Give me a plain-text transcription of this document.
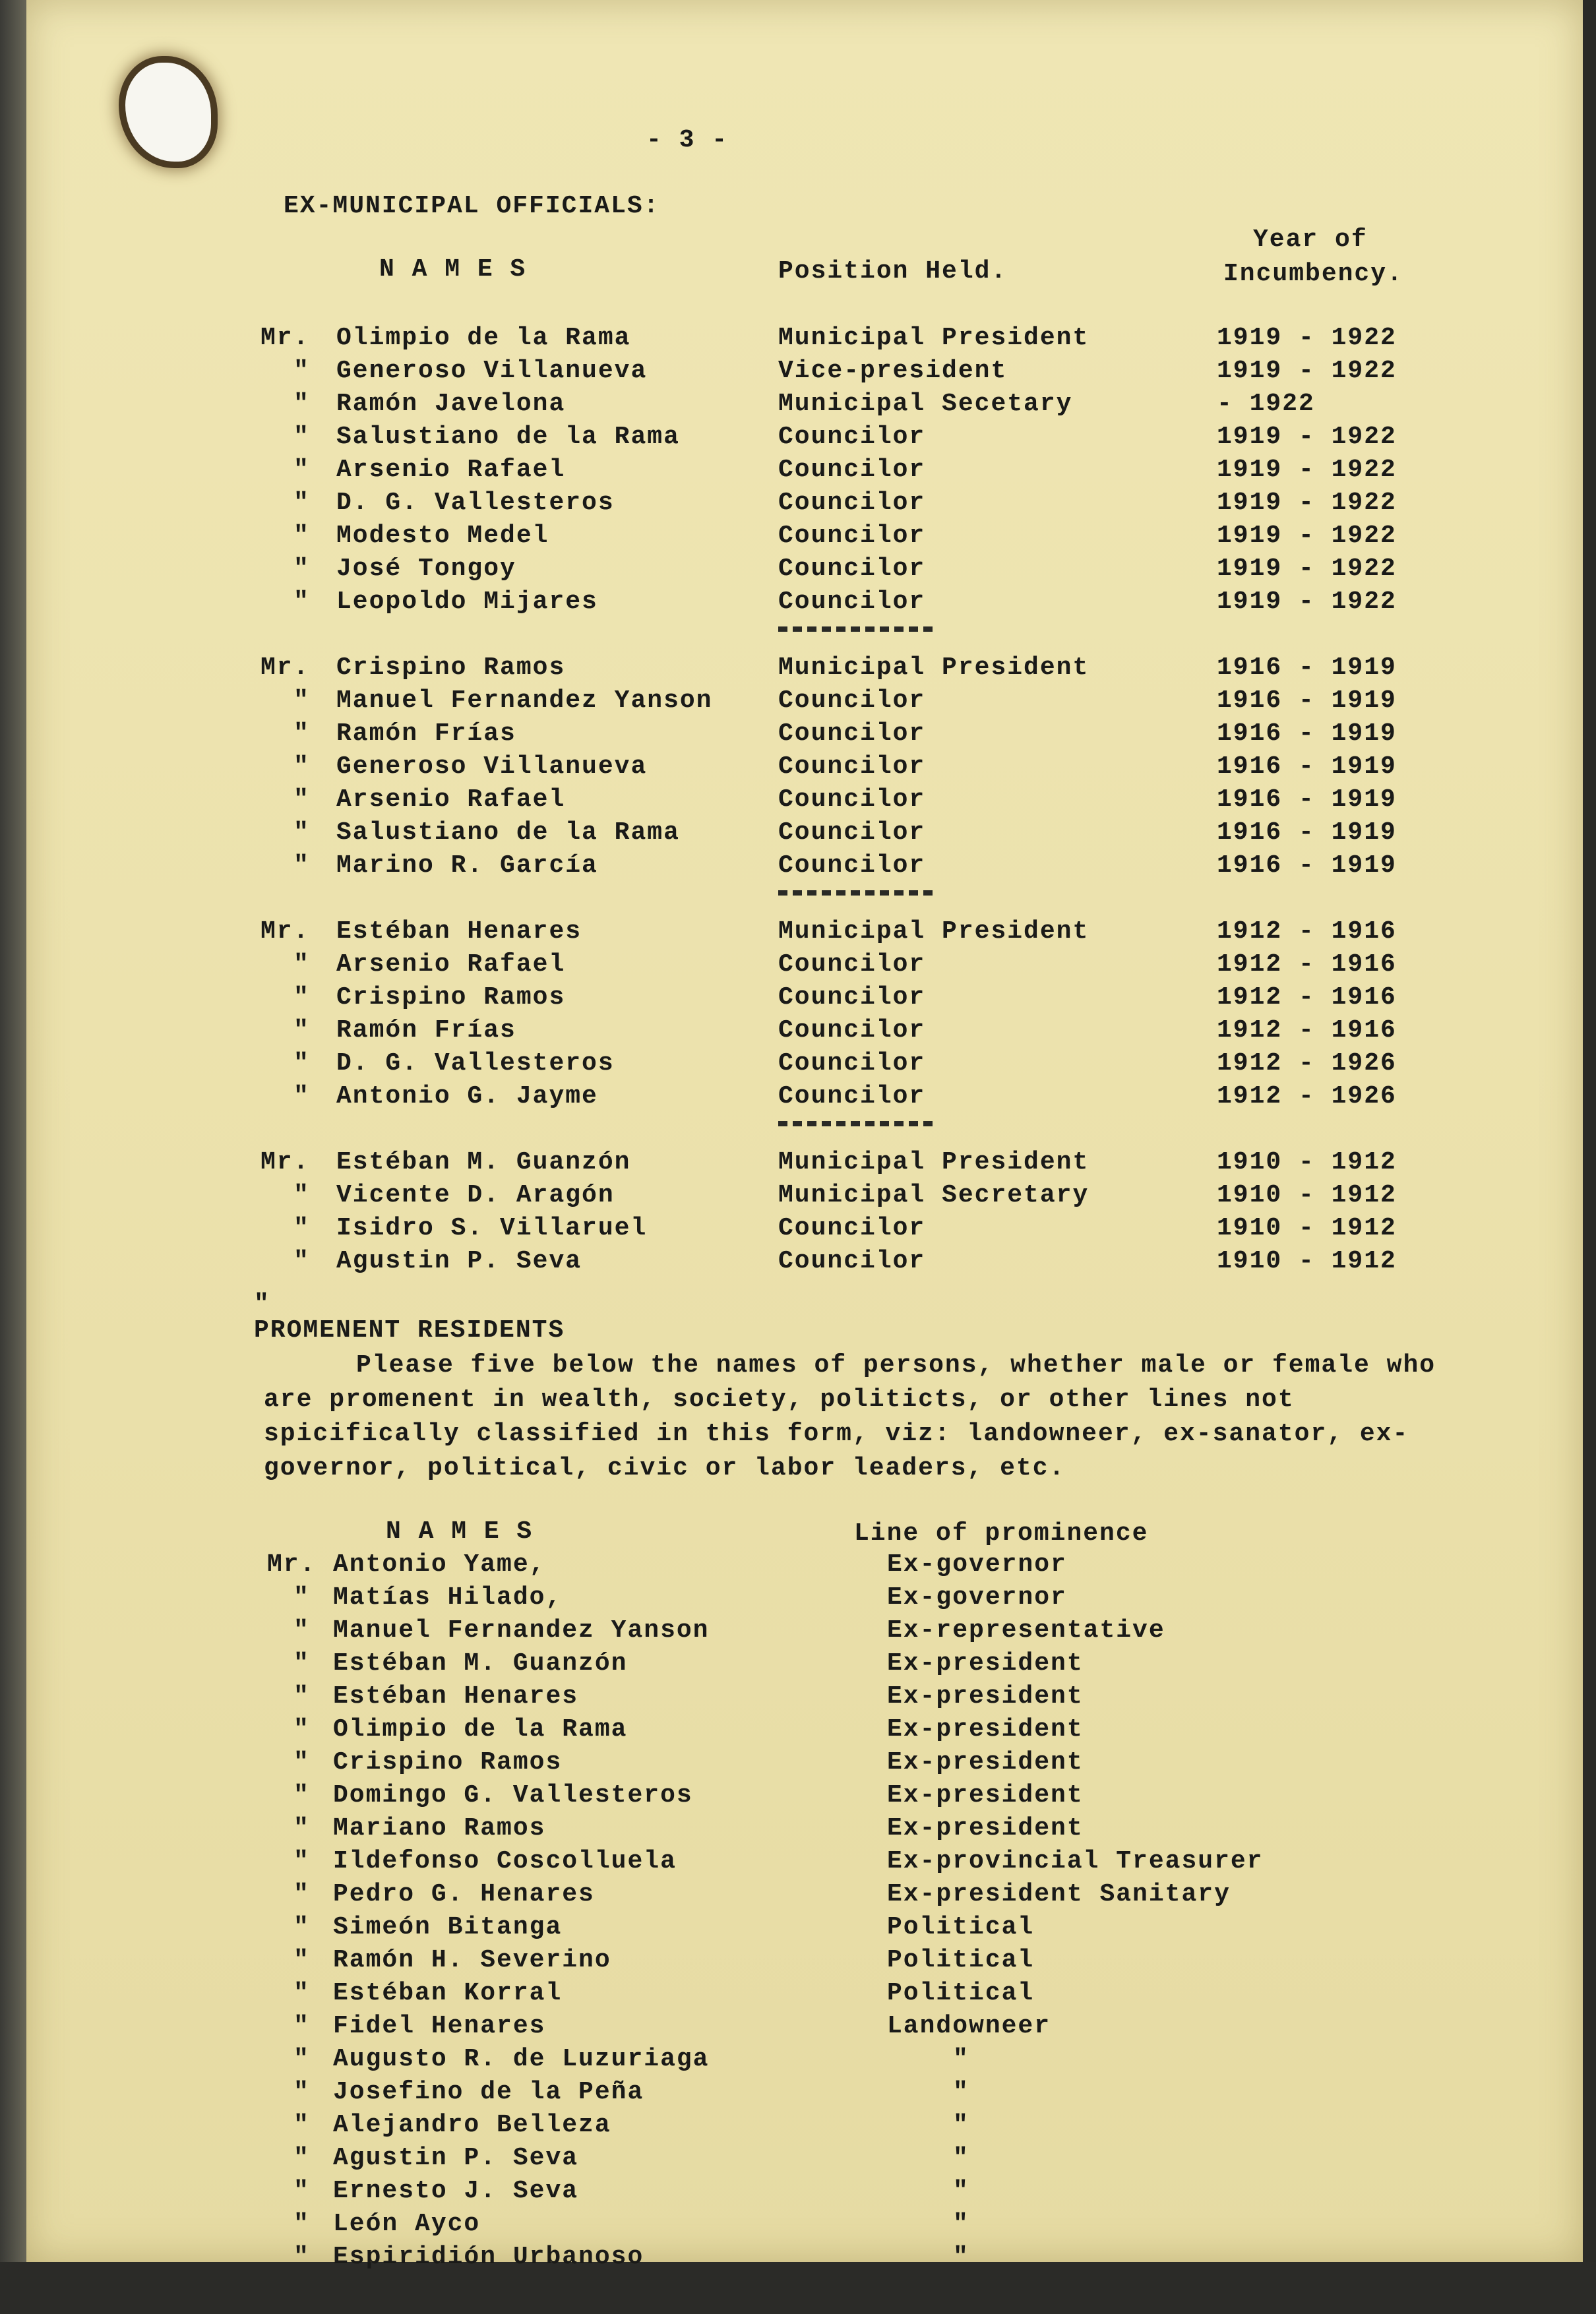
- 3 -
EX-MUNICIPAL OFFICIALS:
N A M E S	Position Held.
Year of
Incumbency.
Mr. Olimpio de la Rama	Municipal President	1919 - 1922
" Generoso Villanueva	Vice-president	1919 - 1922
" Ramón Javelona	Municipal Secetary	- 1922
" Salustiano de la Rama	Councilor	1919 - 1922
" Arsenio Rafael	Councilor	1919 - 1922
" D. G. Vallesteros	Councilor	1919 - 1922
" Modesto Medel	Councilor	1919 - 1922
" José Tongoy	Councilor	1919 - 1922
" Leopoldo Mijares	Councilor	1919 - 1922
Mr. Crispino Ramos	Municipal President	1916 - 1919
" Manuel Fernandez Yanson	Councilor	1916 - 1919
" Ramón Frías	Councilor	1916 - 1919
" Generoso Villanueva	Councilor	1916 - 1919
" Arsenio Rafael	Councilor	1916 - 1919
" Salustiano de la Rama	Councilor	1916 - 1919
" Marino R. García	Councilor	1916 - 1919
Mr. Estéban Henares	Municipal President	1912 - 1916
" Arsenio Rafael	Councilor	1912 - 1916
" Crispino Ramos	Councilor	1912 - 1916
" Ramón Frías	Councilor	1912 - 1916
" D. G. Vallesteros	Councilor	1912 - 1926
" Antonio G. Jayme	Councilor	1912 - 1926
Mr. Estéban M. Guanzón	Municipal President	1910 - 1912
" Vicente D. Aragón	Municipal Secretary	1910 - 1912
" Isidro S. Villaruel	Councilor	1910 - 1912
" Agustin P. Seva	Councilor	1910 - 1912
"
PROMENENT RESIDENTS
Please five below the names of persons, whether male or female who are promenent in wealth, society, politicts, or other lines not spicifically classified in this form, viz: landowneer, ex-sanator, ex-governor, political, civic or labor leaders, etc.
N A M E S	Line of prominence
Mr. Antonio Yame,	Ex-governor
" Matías Hilado,	Ex-governor
" Manuel Fernandez Yanson	Ex-representative
" Estéban M. Guanzón	Ex-president
" Estéban Henares	Ex-president
" Olimpio de la Rama	Ex-president
" Crispino Ramos	Ex-president
" Domingo G. Vallesteros	Ex-president
" Mariano Ramos	Ex-president
" Ildefonso Coscolluela	Ex-provincial Treasurer
" Pedro G. Henares	Ex-president Sanitary
" Simeón Bitanga	Political
" Ramón H. Severino	Political
" Estéban Korral	Political
" Fidel Henares	Landowneer
" Augusto R. de Luzuriaga	"
" Josefino de la Peña	"
" Alejandro Belleza	"
" Agustin P. Seva	"
" Ernesto J. Seva	"
" León Ayco	"
" Espiridión Urbanoso	"
